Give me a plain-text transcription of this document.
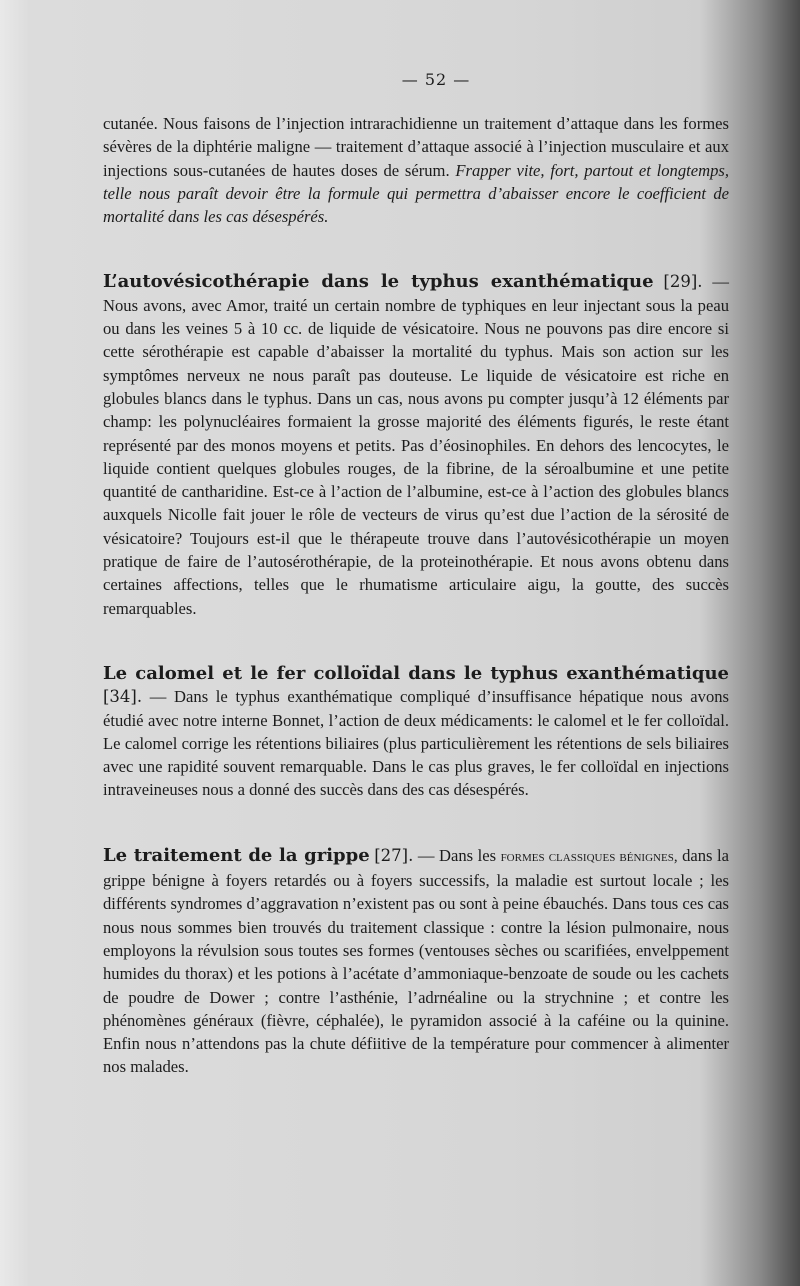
— 52 —

cutanée. Nous faisons de l’injection intrarachidienne un traitement d’attaque dans les formes sévères de la diphtérie maligne — traitement d’attaque associé à l’injection musculaire et aux injections sous-cutanées de hautes doses de sérum. Frapper vite, fort, partout et longtemps, telle nous paraît devoir être la formule qui permettra d’abaisser encore le coefficient de mortalité dans les cas désespérés.

L’autovésicothérapie dans le typhus exanthématique [29]. — Nous avons, avec Amor, traité un certain nombre de typhiques en leur injectant sous la peau ou dans les veines 5 à 10 cc. de liquide de vésicatoire. Nous ne pouvons pas dire encore si cette sérothérapie est capable d’abaisser la mortalité du typhus. Mais son action sur les symptômes nerveux ne nous paraît pas douteuse. Le liquide de vésicatoire est riche en globules blancs dans le typhus. Dans un cas, nous avons pu compter jusqu’à 12 éléments par champ: les polynucléaires formaient la grosse majorité des éléments figurés, le reste étant représenté par des monos moyens et petits. Pas d’éosinophiles. En dehors des lencocytes, le liquide contient quelques globules rouges, de la fibrine, de la séroalbumine et une petite quantité de cantharidine. Est-ce à l’action de l’albumine, est-ce à l’action des globules blancs auxquels Nicolle fait jouer le rôle de vecteurs de virus qu’est due l’action de la sérosité de vésicatoire? Toujours est-il que le thérapeute trouve dans l’autovésicothérapie un moyen pratique de faire de l’autosérothérapie, de la proteinothérapie. Et nous avons obtenu dans certaines affections, telles que le rhumatisme articulaire aigu, la goutte, des succès remarquables.

Le calomel et le fer colloïdal dans le typhus exanthématique [34]. — Dans le typhus exanthématique compliqué d’insuffisance hépatique nous avons étudié avec notre interne Bonnet, l’action de deux médicaments: le calomel et le fer colloïdal. Le calomel corrige les rétentions biliaires (plus particulièrement les rétentions de sels biliaires avec une rapidité souvent remarquable. Dans le cas plus graves, le fer colloïdal en injections intraveineuses nous a donné des succès dans des cas désespérés.

Le traitement de la grippe [27]. — Dans les formes classiques bénignes, dans la grippe bénigne à foyers retardés ou à foyers successifs, la maladie est surtout locale ; les différents syndromes d’aggravation n’existent pas ou sont à peine ébauchés. Dans tous ces cas nous nous sommes bien trouvés du traitement classique : contre la lésion pulmonaire, nous employons la révulsion sous toutes ses formes (ventouses sèches ou scarifiées, envelppement humides du thorax) et les potions à l’acétate d’ammoniaque-benzoate de soude ou les cachets de poudre de Dower ; contre l’asthénie, l’adrnéaline ou la strychnine ; et contre les phénomènes généraux (fièvre, céphalée), le pyramidon associé à la caféine ou la quinine. Enfin nous n’attendons pas la chute défiitive de la température pour commencer à alimenter nos malades.
